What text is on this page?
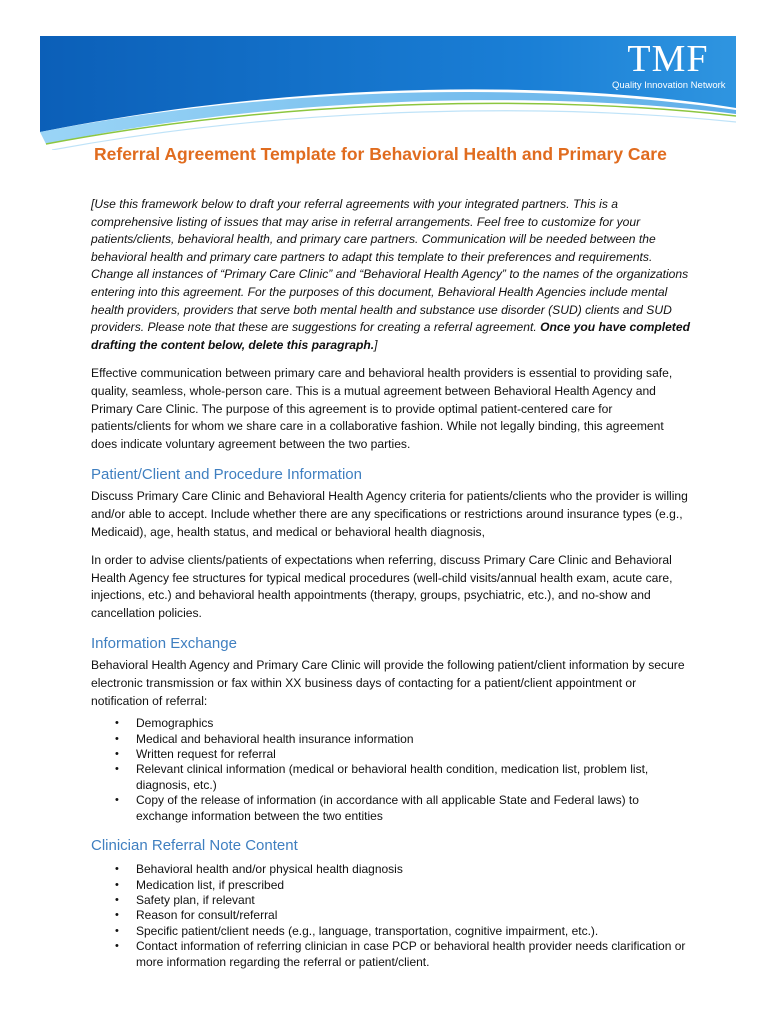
TMF
Quality Innovation Network
Referral Agreement Template for Behavioral Health and Primary Care

[Use this framework below to draft your referral agreements with your integrated partners. This is a comprehensive listing of issues that may arise in referral arrangements. Feel free to customize for your patients/clients, behavioral health, and primary care partners. Communication will be needed between the behavioral health and primary care partners to adapt this template to their preferences and requirements. Change all instances of “Primary Care Clinic” and “Behavioral Health Agency” to the names of the organizations entering into this agreement. For the purposes of this document, Behavioral Health Agencies include mental health providers, providers that serve both mental health and substance use disorder (SUD) clients and SUD providers. Please note that these are suggestions for creating a referral agreement. Once you have completed drafting the content below, delete this paragraph.]

Effective communication between primary care and behavioral health providers is essential to providing safe, quality, seamless, whole-person care. This is a mutual agreement between Behavioral Health Agency and Primary Care Clinic. The purpose of this agreement is to provide optimal patient-centered care for patients/clients for whom we share care in a collaborative fashion. While not legally binding, this agreement does indicate voluntary agreement between the two parties.

Patient/Client and Procedure Information

Discuss Primary Care Clinic and Behavioral Health Agency criteria for patients/clients who the provider is willing and/or able to accept. Include whether there are any specifications or restrictions around insurance types (e.g., Medicaid), age, health status, and medical or behavioral health diagnosis,

In order to advise clients/patients of expectations when referring, discuss Primary Care Clinic and Behavioral Health Agency fee structures for typical medical procedures (well-child visits/annual health exam, acute care, injections, etc.) and behavioral health appointments (therapy, groups, psychiatric, etc.), and no-show and cancellation policies.

Information Exchange

Behavioral Health Agency and Primary Care Clinic will provide the following patient/client information by secure electronic transmission or fax within XX business days of contacting for a patient/client appointment or notification of referral:

• Demographics
• Medical and behavioral health insurance information
• Written request for referral
• Relevant clinical information (medical or behavioral health condition, medication list, problem list, diagnosis, etc.)
• Copy of the release of information (in accordance with all applicable State and Federal laws) to exchange information between the two entities
Clinician Referral Note Content
• Behavioral health and/or physical health diagnosis
• Medication list, if prescribed
• Safety plan, if relevant
• Reason for consult/referral
• Specific patient/client needs (e.g., language, transportation, cognitive impairment, etc.).
• Contact information of referring clinician in case PCP or behavioral health provider needs clarification or more information regarding the referral or patient/client.
